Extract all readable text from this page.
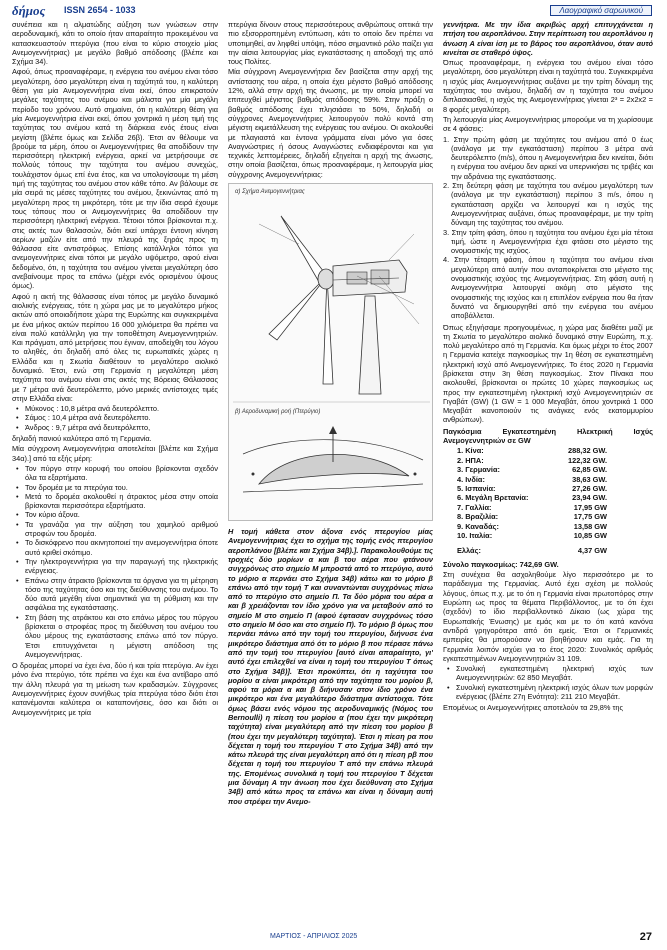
δήμος ISSN 2654 - 1033	Λαογραφικό σαρωνικού

συνέπεια και η αλματώδης αύξηση των γνώσεων στην αεροδυναμική, κάτι το οποίο ήταν απαραίτητο προκειμένου να κατασκευαστούν πτερύγια (που είναι το κύριο στοιχείο μίας Ανεμογεννήτριας) με μεγάλο βαθμό απόδοσης (βλέπε και Σχήμα 34).

Αφού, όπως προαναφέραμε, η ενέργεια του ανέμου είναι τόσο μεγαλύτερη, όσο μεγαλύτερη είναι η ταχύτητά του, η καλύτερη θέση για μία Ανεμογεννήτρια είναι εκεί, όπου επικρατούν μεγάλες ταχύτητες του ανέμου και μάλιστα για μία μεγάλη περίοδο του χρόνου. Αυτό σημαίνει, ότι η καλύτερη θέση για μία Ανεμογεννήτρια είναι εκεί, όπου χοντρικά η μέση τιμή της ταχύτητας του ανέμου κατά τη διάρκεια ενός έτους είναι μεγίστη (βλέπε όμως και Σελίδα 26β). Έτσι αν θέλουμε να βρούμε τα μέρη, όπου οι Ανεμογεννήτριες θα αποδίδουν την περισσότερη ηλεκτρική ενέργεια, αρκεί να μετρήσουμε σε πολλούς τόπους την ταχύτητα του ανέμου συνεχώς, τουλάχιστον όμως επί ένα έτος, και να υπολογίσουμε τη μέση τιμή της ταχύτητας του ανέμου στον κάθε τόπο. Αν βάλουμε σε μία σειρά τις μέσες ταχύτητες του ανέμου, ξεκινώντας από τη μεγαλύτερη προς τη μικρότερη, τότε με την ίδια σειρά έχουμε τους τόπους που οι Ανεμογεννήτριες θα αποδίδουν την περισσότερη ηλεκτρική ενέργεια. Τέτοιοι τόποι βρίσκονται π.χ. στις ακτές των θαλασσών, διότι εκεί υπάρχει έντονη κίνηση αερίων μαζών είτε από την πλευρά της ξηράς προς τη θάλασσα είτε αντιστρόφως. Επίσης κατάλληλοι τόποι για ανεμογεννήτριες είναι τόποι με μεγάλο υψόμετρο, αφού είναι δεδομένο, ότι, η ταχύτητα του ανέμου γίνεται μεγαλύτερη όσο ανεβαίνουμε προς τα επάνω (μέχρι ενός ορισμένου ύψους όμως).

Αφού η ακτή της θάλασσας είναι τόπος με μεγάλο δυναμικό αιολικής ενέργειας, τότε η χώρα μας με το μεγαλύτερο μήκος ακτών από οποιαδήποτε χώρα της Ευρώπης και συγκεκριμένα με ένα μήκος ακτών περίπου 16 000 χιλιόμετρα θα πρέπει να είναι πολύ κατάλληλη για την τοποθέτηση Ανεμογεννητριών. Και πράγματι, από μετρήσεις που έγιναν, αποδείχθη του λόγου το αληθές, ότι δηλαδή από όλες τις ευρωπαϊκές χώρες η Ελλάδα και η Σκωτία διαθέτουν το μεγαλύτερο αιολικό δυναμικό. Έτσι, ενώ στη Γερμανία η μεγαλύτερη μέση ταχύτητα του ανέμου είναι στις ακτές της Βόρειας Θάλασσας με 7 μέτρα ανά δευτερόλεπτο, μόνο μερικές αντίστοιχες τιμές στην Ελλάδα είναι:

• Μύκονος : 10,8 μέτρα ανά δευτερόλεπτο.
• Σάμος : 10,4 μέτρα ανά δευτερόλεπτο.
• Άνδρος : 9,7 μέτρα ανά δευτερόλεπτο,

δηλαδή πανιού καλύτερα από τη Γερμανία.

Μία σύγχρονη Ανεμογεννήτρια αποτελείται [βλέπε και Σχήμα 34α).] από τα εξής μέρη:

• Τον πύργο στην κορυφή του οποίου βρίσκονται σχεδόν όλα τα εξαρτήματα.
• Τον δρομέα με τα πτερύγια του.
• Μετά το δρομέα ακολουθεί η άτρακτος μέσα στην οποία βρίσκονται περισσότερα εξαρτήματα.
• Τον κύριο άξονα.
• Τα γρανάζια για την αύξηση του χαμηλού αριθμού στροφών του δρομέα.
• Το δισκόφρενο που ακινητοποιεί την ανεμογεννήτρια όποτε αυτό κριθεί σκόπιμο.
• Την ηλεκτρογεννήτρια για την παραγωγή της ηλεκτρικής ενέργειας.
• Επάνω στην άτρακτο βρίσκονται τα όργανα για τη μέτρηση τόσο της ταχύτητας όσο και της διεύθυνσης του ανέμου. Το δύο αυτά μεγέθη είναι σημαντικά για τη ρύθμιση και την ασφάλεια της εγκατάστασης.
• Στη βάση της ατράκτου και στο επάνω μέρος του πύργου βρίσκεται ο στροφέας προς τη διεύθυνση του ανέμου του όλου μέρους της εγκατάστασης επάνω από τον πύργο. Έτσι επιτυγχάνεται η μέγιστη απόδοση της Ανεμογεννήτριας.

Ο δρομέας μπορεί να έχει ένα, δύο ή και τρία πτερύγια. Αν έχει μόνο ένα πτερύγιο, τότε πρέπει να έχει και ένα αντίβαρο από την άλλη πλευρά για τη μείωση των κραδασμών. Σύγχρονες Ανεμογεννήτριες έχουν συνήθως τρία πτερύγια τόσο διότι έτσι κατανέμονται καλύτερα οι καταπονήσεις, όσο και διότι οι Ανεμογεννήτριες με τρία

πτερύγια δίνουν στους περισσότερους ανθρώπους οπτικά την πιο εξισορροπημένη εντύπωση, κάτι το οποίο δεν πρέπει να υποτιμηθεί, αν ληφθεί υπόψη, πόσο σημαντικό ρόλο παίζει για την αίσια λειτουργίας μίας εγκατάστασης η αποδοχή της από τους Πολίτες.

Μία σύγχρονη Ανεμογεννήτρια δεν βασίζεται στην αρχή της αντίστασης του αέρα, η οποία έχει μέγιστο βαθμό απόδοσης 12%, αλλά στην αρχή της άνωσης, με την οποία μπορεί να επιτευχθεί μέγιστος βαθμός απόδοσης 59%. Στην πράξη ο βαθμός απόδοσης έχει πλησιάσει το 50%, δηλαδή οι σύγχρονες Ανεμογεννήτριες λειτουργούν πολύ κοντά στη μέγιστη εκμετάλλευση της ενέργειας του ανέμου. Οι ακολουθεί με πλαγιαστά και έντονα γράμματα είναι μόνο για όσες Αναγνώστριες ή όσους Αναγνώστες ενδιαφέρονται και για τεχνικές λεπτομέρειες, δηλαδή εξηγείται η αρχή της άνωσης, στην οποία βασίζεται, όπως προαναφέραμε, η λειτουργία μίας σύγχρονης Ανεμογεννήτριας:

α) Σχήμα Ανεμογεννήτριας
β) Αεροδυναμική ροή (Πτερύγιο)

Η τομή κάθετα στον άξονα ενός πτερυγίου μίας Ανεμογεννήτριας έχει το σχήμα της τομής ενός πτερυγίου αεροπλάνου [βλέπε και Σχήμα 34β).]. Παρακολουθούμε τις τροχιές δύο μορίων α και β του αέρα που φτάνουν συγχρόνως στο σημείο Μ μπροστά από το πτερύγιο, αυτό το μόριο α περνάει στο Σχήμα 34β) κάτω και το μόριο β επάνω από την τομή Τ και συναντώνται συγχρόνως πίσω από το πτερύγιο στο σημείο Π. Τα δύο μόρια του αέρα α και β χρειάζονται τον ίδιο χρόνο για να μεταβούν από το σημείο Μ στο σημείο Π (αφού έφτασαν συγχρόνως τόσο στο σημείο Μ όσο και στο σημείο Π). Το μόριο β όμως που περνάει πάνω από την τομή του πτερυγίου, διήνυσε ένα μικρότερο διάστημα από ότι το μόριο β που πέρασε πάνω από την τομή του πτερυγίου [αυτό είναι απαραίτητο, γι' αυτό έχει επιλεχθεί να είναι η τομή του πτερυγίου Τ όπως στο Σχήμα 34β)]. Έτσι προκύπτει, ότι η ταχύτητα του μορίου α είναι μικρότερη από την ταχύτητα του μορίου β, αφού τα μόρια α και β διήνυσαν στον ίδιο χρόνο ένα μικρότερο και ένα μεγαλύτερο διάστημα αντίστοιχα. Τότε όμως βάσει ενός νόμου της αεροδυναμικής (Νόμος του Bernoulli) η πίεση του μορίου α (που έχει την μικρότερη ταχύτητα) είναι μεγαλύτερη από την πίεση του μορίου β (που έχει την μεγαλύτερη ταχύτητα). Έτσι η πίεση pα που δέχεται η τομή του πτερυγίου Τ στο Σχήμα 34β) από την κάτω πλευρά της είναι μεγαλύτερη από ότι η πίεση pβ που δέχεται η τομή του πτερυγίου Τ από την επάνω πλευρά της. Επομένως συνολικά η τομή του πτερυγίου Τ δέχεται μια δύναμη Α την άνωση που έχει διεύθυνση στο Σχήμα 34β) από κάτω προς τα επάνω και είναι η δύναμη αυτή που στρέφει την Ανεμο-

γεννήτρια. Με την ίδια ακριβώς αρχή επιτυγχάνεται η πτήση του αεροπλάνου. Στην περίπτωση του αεροπλάνου η άνωση Α είναι ίση με το βάρος του αεροπλάνου, όταν αυτό κινείται σε σταθερό ύψος.

Όπως προαναφέραμε, η ενέργεια του ανέμου είναι τόσο μεγαλύτερη, όσο μεγαλύτερη είναι η ταχύτητά του. Συγκεκριμένα η ισχύς μίας Ανεμογεννήτριας αυξάνει με την τρίτη δύναμη της ταχύτητας του ανέμου, δηλαδή αν η ταχύτητα του ανέμου διπλασιασθεί, η ισχύς της Ανεμογεννήτριας γίνεται 2³ = 2x2x2 = 8 φορές μεγαλύτερη.

Τη λειτουργία μίας Ανεμογεννήτριας μπορούμε να τη χωρίσουμε σε 4 φάσεις:

1. Στην πρώτη φάση με ταχύτητες του ανέμου από 0 έως (ανάλογα με την εγκατάσταση) περίπου 3 μέτρα ανά δευτερόλεπτο (m/s), όπου η Ανεμογεννήτρια δεν κινείται, διότι η ενέργεια του ανέμου δεν αρκεί να υπερνικήσει τις τριβές και την αδράνεια της εγκατάστασης.
2. Στη δεύτερη φάση με ταχύτητα του ανέμου μεγαλύτερη των (ανάλογα με την εγκατάσταση) περίπου 3 m/s, όπου η εγκατάσταση αρχίζει να λειτουργεί και η ισχύς της Ανεμογεννήτριας αυξάνει, όπως προαναφέραμε, με την τρίτη δύναμη της ταχύτητας του ανέμου.
3. Στην τρίτη φάση, όπου η ταχύτητα του ανέμου έχει μία τέτοια τιμή, ώστε η Ανεμογεννήτρια έχει φτάσει στο μέγιστο της ονομαστικής της ισχύος.
4. Στην τέταρτη φάση, όπου η ταχύτητα του ανέμου είναι μεγαλύτερη από αυτήν που ανταποκρίνεται στο μέγιστο της ονομαστικής ισχύος της Ανεμογεννήτριας. Στη φάση αυτή η Ανεμογεννήτρια λειτουργεί ακόμη στο μέγιστο της ονομαστικής της ισχύος και η επιπλέον ενέργεια που θα ήταν δυνατό να δημιουργηθεί από την ενέργεια του ανέμου αποβάλλεται.

Όπως εξηγήσαμε προηγουμένως, η χώρα μας διαθέτει μαζί με τη Σκωτία το μεγαλύτερο αιολικό δυναμικό στην Ευρώπη, π.χ. πολύ μεγαλύτερο από τη Γερμανία. Και όμως μέχρι το έτος 2007 η Γερμανία κατείχε παγκοσμίως την 1η θέση σε εγκατεστημένη ηλεκτρική ισχύ από Ανεμογεννήτριες. Το έτος 2020 η Γερμανία βρίσκεται στην 3η θέση παγκοσμίως. Στον Πίνακα που ακολουθεί, βρίσκονται οι πρώτες 10 χώρες παγκοσμίως ως προς την εγκατεστημένη ηλεκτρική ισχύ Ανεμογεννητριών σε Γιγαβάτ (GW) (1 GW = 1 000 Μεγαβάτ, όπου χοντρικά 1 000 Μεγαβάτ ικανοποιούν τις ανάγκες ενός εκατομμυρίου ανθρώπων).

Παγκόσμια Εγκατεστημένη Ηλεκτρική Ισχύς Ανεμογεννητριών σε GW

1. Κίνα:	288,32 GW.
2. ΗΠΑ:	122,32 GW.
3. Γερμανία:	62,85 GW.
4. Ινδία:	38,63 GW.
5. Ισπανία:	27,26 GW.
6. Μεγάλη Βρετανία:	23,94 GW.
7. Γαλλία:	17,95 GW
8. Βραζιλία:	17,75 GW
9. Καναδάς:	13,58 GW
10. Ιταλία:	10,85 GW
Ελλάς:	4,37 GW

Σύνολο παγκοσμίως: 742,69 GW.

Στη συνέχεια θα ασχοληθούμε λίγο περισσότερο με το παράδειγμα της Γερμανίας. Αυτό έχει σχέση με πολλούς λόγους, όπως π.χ. με το ότι η Γερμανία είναι πρωτοπόρος στην Ευρώπη ως προς τα θέματα Περιβάλλοντος, με το ότι έχει (σχεδόν) το ίδιο περιβαλλοντικό Δίκαιο (ως χώρα της Ευρωπαϊκής Ένωσης) με εμάς και με το ότι κατά κανόνα αντιδρά γρηγορότερα από ότι εμείς. Έτσι οι Γερμανικές εμπειρίες θα μπορούσαν να βοηθήσουν και εμάς. Για τη Γερμανία λοιπόν ισχύει για το έτος 2020: Συνολικός αριθμός εγκατεστημένων Ανεμογεννητριών 31 109.

• Συνολική εγκατεστημένη ηλεκτρική ισχύς των Ανεμογεννητριών: 62 850 Μεγαβάτ.
• Συνολική εγκατεστημένη ηλεκτρική ισχύς όλων των μορφών ενέργειας (βλέπε 27η Ενότητα): 211 210 Μεγαβάτ.

Επομένως οι Ανεμογεννήτριες αποτελούν τα 29,8% της

ΜΑΡΤΙΟΣ - ΑΠΡΙΛΙΟΣ 2025	27
